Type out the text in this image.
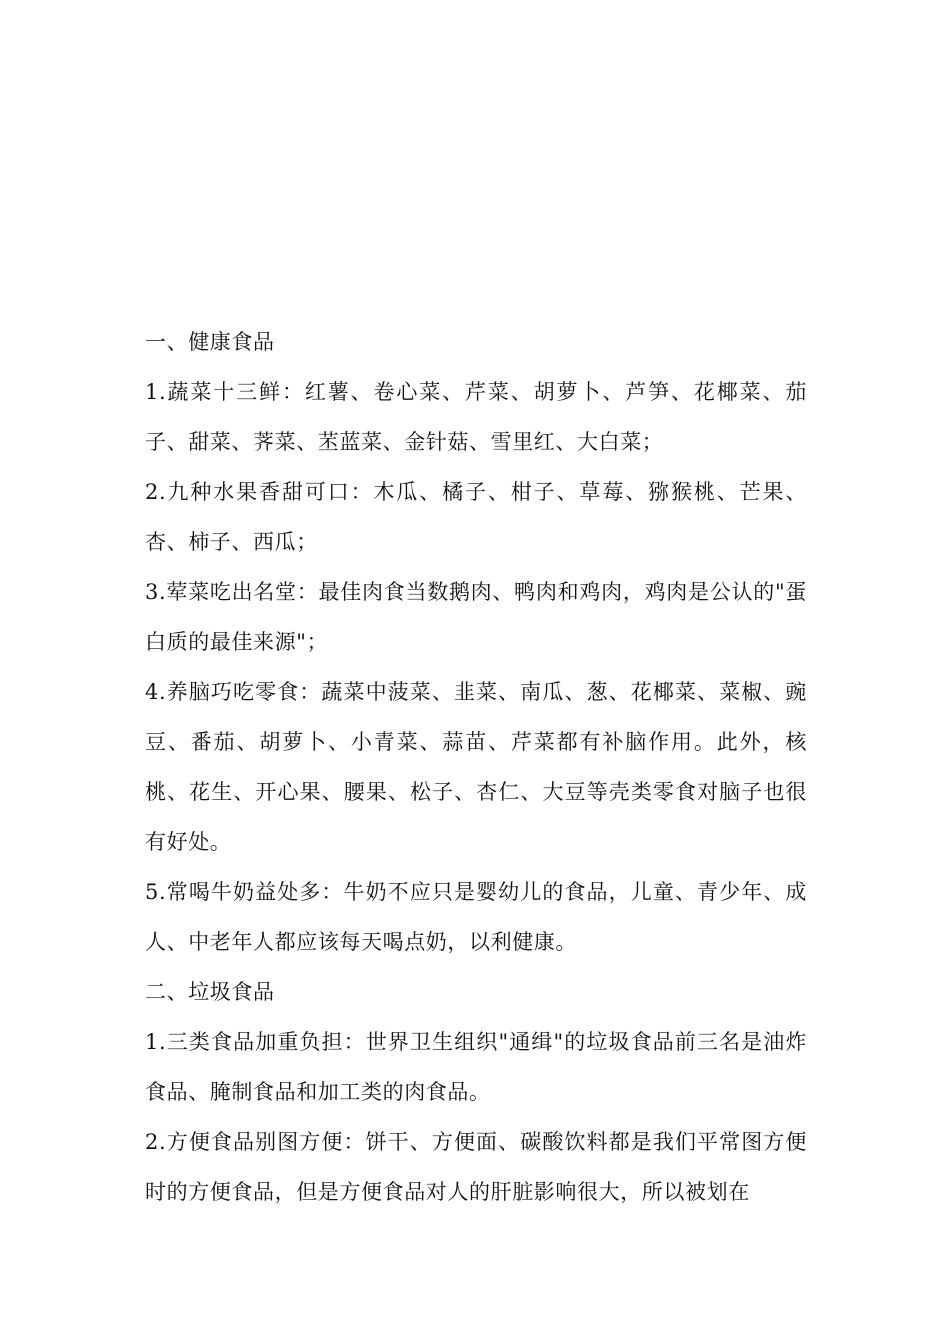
一、健康食品

1.蔬菜十三鲜：红薯、卷心菜、芹菜、胡萝卜、芦笋、花椰菜、茄子、甜菜、荠菜、苤蓝菜、金针菇、雪里红、大白菜；

2.九种水果香甜可口：木瓜、橘子、柑子、草莓、猕猴桃、芒果、杏、柿子、西瓜；

3.荤菜吃出名堂：最佳肉食当数鹅肉、鸭肉和鸡肉，鸡肉是公认的"蛋白质的最佳来源"；

4.养脑巧吃零食：蔬菜中菠菜、韭菜、南瓜、葱、花椰菜、菜椒、豌豆、番茄、胡萝卜、小青菜、蒜苗、芹菜都有补脑作用。此外，核桃、花生、开心果、腰果、松子、杏仁、大豆等壳类零食对脑子也很有好处。

5.常喝牛奶益处多：牛奶不应只是婴幼儿的食品，儿童、青少年、成人、中老年人都应该每天喝点奶，以利健康。

二、垃圾食品

1.三类食品加重负担：世界卫生组织"通缉"的垃圾食品前三名是油炸食品、腌制食品和加工类的肉食品。

2.方便食品别图方便：饼干、方便面、碳酸饮料都是我们平常图方便时的方便食品，但是方便食品对人的肝脏影响很大，所以被划在
